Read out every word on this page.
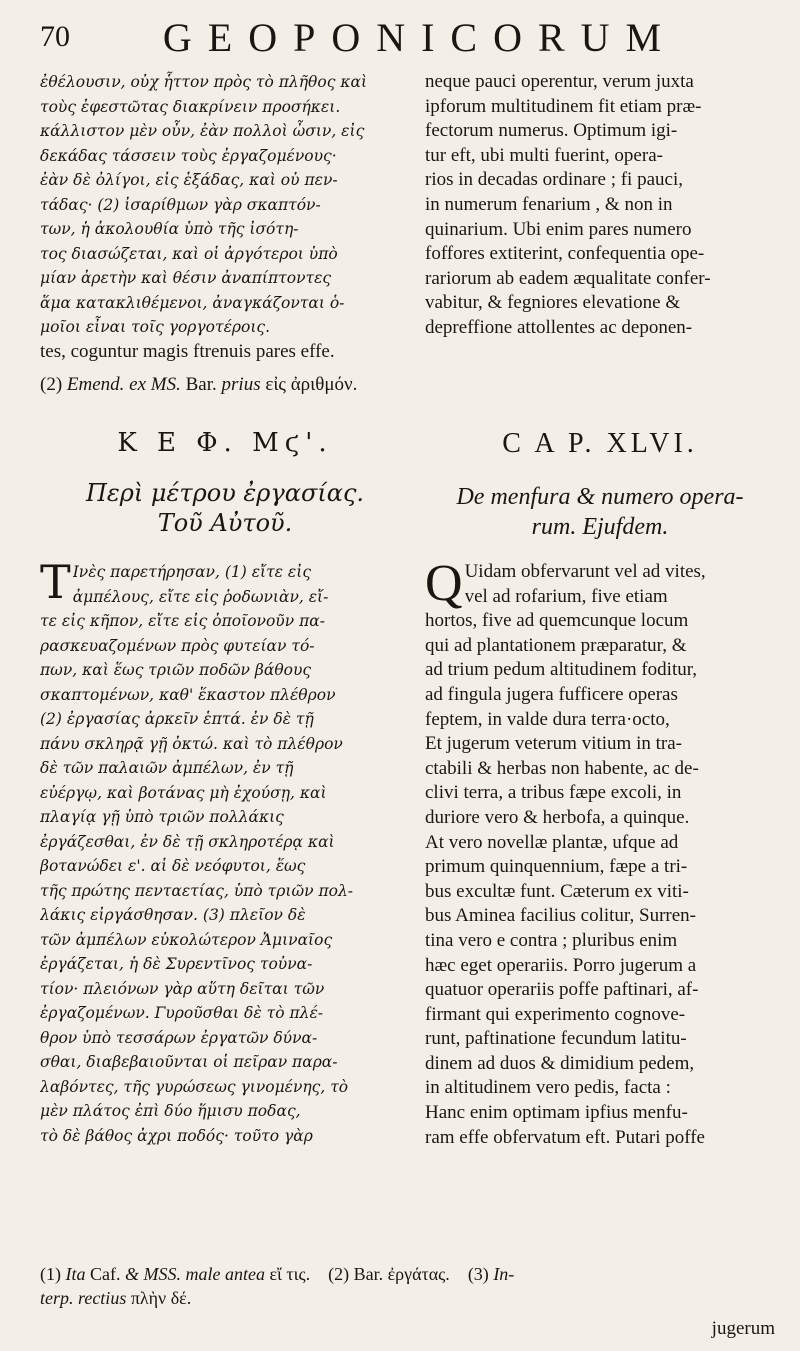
70	GEOPONICORUM
ἐθέλουσιν, οὐχ ἧττον πρὸς τὸ πλῆθος καὶ
τοὺς ἐφεστῶτας διακρίνειν προσήκει.
κάλλιστον μὲν οὖν, ἐὰν πολλοὶ ὦσιν, εἰς
δεκάδας τάσσειν τοὺς ἐργαζομένους·
ἐὰν δὲ ὀλίγοι, εἰς ἑξάδας, καὶ οὐ πεν-
τάδας· (2) ἰσαρίθμων γὰρ σκαπτόν-
των, ἡ ἀκολουθία ὑπὸ τῆς ἰσότη-
τος διασώζεται, καὶ οἱ ἀργότεροι ὑπὸ
μίαν ἀρετὴν καὶ θέσιν ἀναπίπτοντες
ἅμα κατακλιθέμενοι, ἀναγκάζονται ὁ-
μοῖοι εἶναι τοῖς γοργοτέροις.
neque pauci operentur, verum juxta
ipforum multitudinem fit etiam præ-
fectorum numerus. Optimum igi-
tur eft, ubi multi fuerint, opera-
rios in decadas ordinare ; fi pauci,
in numerum fenarium , & non in
quinarium. Ubi enim pares numero
foffores extiterint, confequentia ope-
rariorum ab eadem æqualitate confer-
vabitur, & fegniores elevatione &
depreffione attollentes ac deponen-
tes, coguntur magis ftrenuis pares effe.
(2) Emend. ex MS. Bar. prius εἰς ἀριθμόν.
Κ Ε Φ. Μϛ'.	C A P. XLVI.
Περὶ μέτρου ἐργασίας.
Τοῦ Αὐτοῦ.
De menfura & numero opera-
rum. Ejufdem.
Τ Ινὲς παρετήρησαν, (1) εἴτε εἰς
ἀμπέλους, εἴτε εἰς ῥοδωνιὰν, εἴ-
τε εἰς κῆπον, εἴτε εἰς ὁποῖονοῦν πα-
ρασκευαζομένων πρὸς φυτείαν τό-
πων, καὶ ἕως τριῶν ποδῶν βάθους
σκαπτομένων, καθ' ἕκαστον πλέθρον
(2) ἐργασίας ἀρκεῖν ἑπτά. ἐν δὲ τῇ
πάνυ σκληρᾷ γῇ ὀκτώ. καὶ τὸ πλέθρον
δὲ τῶν παλαιῶν ἀμπέλων, ἐν τῇ
εὐέργῳ, καὶ βοτάνας μὴ ἐχούσῃ, καὶ
πλαγίᾳ γῇ ὑπὸ τριῶν πολλάκις
ἐργάζεσθαι, ἐν δὲ τῇ σκληροτέρᾳ καὶ
βοτανώδει ε'. αἱ δὲ νεόφυτοι, ἕως
τῆς πρώτης πενταετίας, ὑπὸ τριῶν πολ-
λάκις εἰργάσθησαν. (3) πλεῖον δὲ
τῶν ἀμπέλων εὐκολώτερον Ἀμιναῖος
ἐργάζεται, ἡ δὲ Συρεντῖνος τοὐνα-
τίον· πλειόνων γὰρ αὕτη δεῖται τῶν
ἐργαζομένων. Γυροῦσθαι δὲ τὸ πλέ-
θρον ὑπὸ τεσσάρων ἐργατῶν δύνα-
σθαι, διαβεβαιοῦνται οἱ πεῖραν παρα-
λαβόντες, τῆς γυρώσεως γινομένης, τὸ
μὲν πλάτος ἐπὶ δύο ἥμισυ ποδας,
τὸ δὲ βάθος ἀχρι ποδός· τοῦτο γὰρ
Q Uidam obfervarunt vel ad vites,
vel ad rofarium, five etiam
hortos, five ad quemcunque locum
qui ad plantationem præparatur, &
ad trium pedum altitudinem foditur,
ad fingula jugera fufficere operas
feptem, in valde dura terra·octo,
Et jugerum veterum vitium in tra-
ctabili & herbas non habente, ac de-
clivi terra, a tribus fæpe excoli, in
duriore vero & herbofa, a quinque.
At vero novellæ plantæ, ufque ad
primum quinquennium, fæpe a tri-
bus excultæ funt. Cæterum ex viti-
bus Aminea facilius colitur, Surren-
tina vero e contra ; pluribus enim
hæc eget operariis. Porro jugerum a
quatuor operariis poffe paftinari, af-
firmant qui experimento cognove-
runt, paftinatione fecundum latitu-
dinem ad duos & dimidium pedem,
in altitudinem vero pedis, facta :
Hanc enim optimam ipfius menfu-
ram effe obfervatum eft. Putari poffe
(1) Ita Caf. & MSS. male antea εἴ τις. (2) Bar. ἐργάτας. (3) In-
terp. rectius πλὴν δέ.
jugerum
